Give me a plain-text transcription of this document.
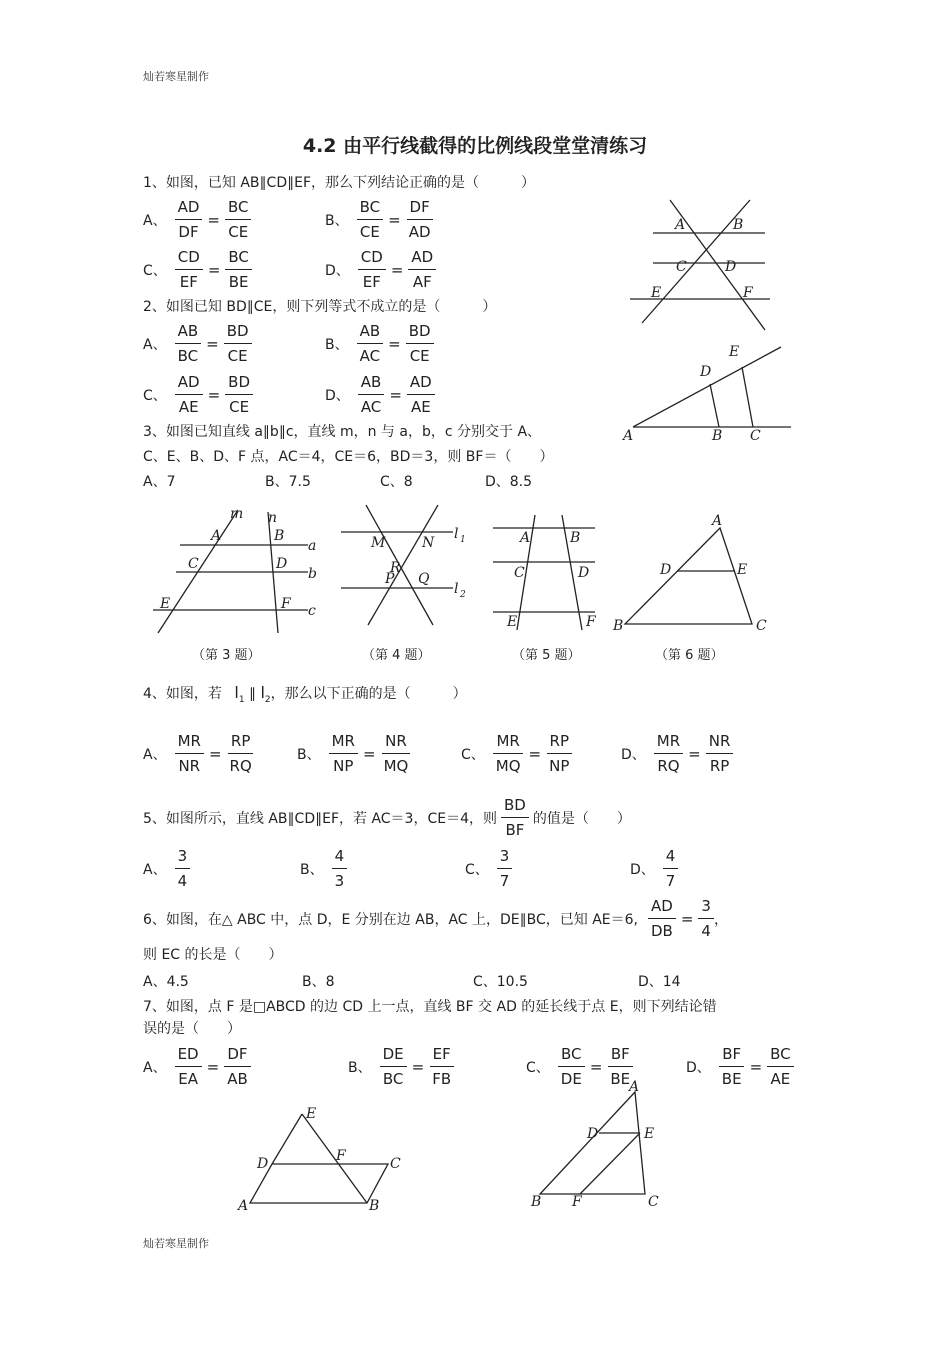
灿若寒星制作
4.2 由平行线截得的比例线段堂堂清练习
1、如图，已知 AB∥CD∥EF，那么下列结论正确的是（　　　）
A、 $\frac{AD}{DF} = \frac{BC}{CE}$	B、 $\frac{BC}{CE} = \frac{DF}{AD}$
C、 $\frac{CD}{EF} = \frac{BC}{BE}$	D、 $\frac{CD}{EF} = \frac{AD}{AF}$
A	B
C	D
E	F
2、如图已知 BD∥CE，则下列等式不成立的是（　　　）
A、 $\frac{AB}{BC} = \frac{BD}{CE}$	B、 $\frac{AB}{AC} = \frac{BD}{CE}$
C、 $\frac{AD}{AE} = \frac{BD}{CE}$	D、 $\frac{AB}{AC} = \frac{AD}{AE}$
A	B C
D
E
3、如图已知直线 a∥b∥c，直线 m，n 与 a，b，c 分别交于 A、
C、E、B、D、F 点，AC＝4，CE＝6，BD＝3，则 BF＝（　　）
A、7	B、7.5	C、8	D、8.5
m n
A	B
a
C	D
b
E	F c
M	N
R
P Q
l 1
l 2
A	B
C	D
E	F
A
D	E
B	C
（第 3 题）	（第 4 题）	（第 5 题）	（第 6 题）
4、如图，若 $l_1$ ∥ $l_2$，那么以下正确的是（　　　）
A、 $\frac{MR}{NR} = \frac{RP}{RQ}$	B、 $\frac{MR}{NP} = \frac{NR}{MQ}$	C、 $\frac{MR}{MQ} = \frac{RP}{NP}$	D、 $\frac{MR}{RQ} = \frac{NR}{RP}$
5、如图所示，直线 AB∥CD∥EF，若 AC＝3，CE＝4，则 $\frac{BD}{BF}$ 的值是（　　）
A、 $\frac{3}{4}$	B、 $\frac{4}{3}$	C、 $\frac{3}{7}$	D、 $\frac{4}{7}$
6、如图，在△ ABC 中，点 D，E 分别在边 AB，AC 上，DE∥BC，已知 AE＝6, $\frac{AD}{DB} = \frac{3}{4}$ ，
则 EC 的长是（　　）
A、4.5	B、8	C、10.5	D、14
7、如图，点 F 是□ABCD 的边 CD 上一点，直线 BF 交 AD 的延长线于点 E，则下列结论错
误的是（　　）
A、 $\frac{ED}{EA} = \frac{DF}{AB}$	B、 $\frac{DE}{BC} = \frac{EF}{FB}$	C、 $\frac{BC}{DE} = \frac{BF}{BE}$	D、 $\frac{BF}{BE} = \frac{BC}{AE}$
E
D	F	C
A	B
A
D	E
B F	C
灿若寒星制作
